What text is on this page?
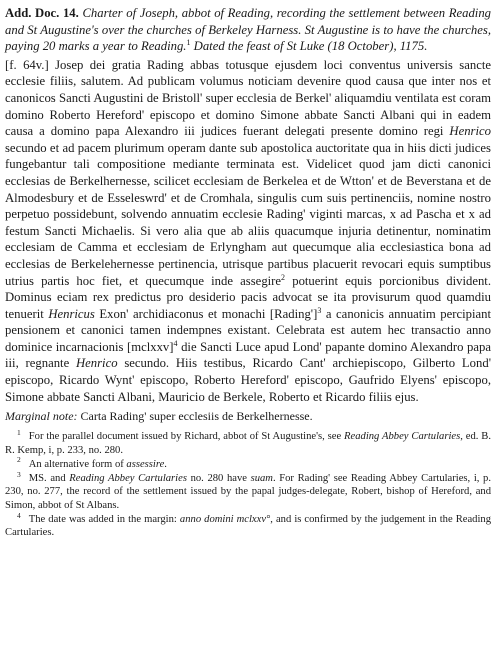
Add. Doc. 14. Charter of Joseph, abbot of Reading, recording the settlement between Reading and St Augustine's over the churches of Berkeley Harness. St Augustine is to have the churches, paying 20 marks a year to Reading.$^1$ Dated the feast of St Luke (18 October), 1175.

[f. 64v.] Josep dei gratia Rading abbas totusque ejusdem loci conventus universis sancte ecclesie filiis, salutem. Ad publicam volumus noticiam devenire quod causa que inter nos et canonicos Sancti Augustini de Bristoll' super ecclesia de Berkel' aliquamdiu ventilata est coram domino Roberto Hereford' episcopo et domino Simone abbate Sancti Albani qui in eadem causa a domino papa Alexandro iii judices fuerant delegati presente domino regi Henrico secundo et ad pacem plurimum operam dante sub apostolica auctoritate qua in hiis dicti judices fungebantur tali compositione mediante terminata est. Videlicet quod jam dicti canonici ecclesias de Berkelhernesse, scilicet ecclesiam de Berkelea et de Wtton' et de Beverstana et de Almodesbury et de Esseleswrd' et de Cromhala, singulis cum suis pertinenciis, nomine nostro perpetuo possidebunt, solvendo annuatim ecclesie Rading' viginti marcas, x ad Pascha et x ad festum Sancti Michaelis. Si vero alia que ab aliis quacumque injuria detinentur, nominatim ecclesiam de Camma et ecclesiam de Erlyngham aut quecumque alia ecclesiastica bona ad ecclesias de Berkelehernesse pertinencia, utrisque partibus placuerit revocari equis sumptibus utrius partis hoc fiet, et quecumque inde assegire$^2$ potuerint equis porcionibus divident. Dominus eciam rex predictus pro desiderio pacis advocat se ita provisurum quod quamdiu tenuerit Henricus Exon' archidiaconus et monachi [Rading']$^3$ a canonicis annuatim percipiant pensionem et canonici tamen indempnes existant. Celebrata est autem hec transactio anno dominice incarnacionis [mclxxv]$^4$ die Sancti Luce apud Lond' papante domino Alexandro papa iii, regnante Henrico secundo. Hiis testibus, Ricardo Cant' archiepiscopo, Gilberto Lond' episcopo, Ricardo Wynt' episcopo, Roberto Hereford' episcopo, Gaufrido Elyens' episcopo, Simone abbate Sancti Albani, Mauricio de Berkele, Roberto et Ricardo filiis ejus.

Marginal note: Carta Rading' super ecclesiis de Berkelhernesse.

$^1$ For the parallel document issued by Richard, abbot of St Augustine's, see Reading Abbey Cartularies, ed. B. R. Kemp, i, p. 233, no. 280.

$^2$ An alternative form of assessire.

$^3$ MS. and Reading Abbey Cartularies no. 280 have suam. For Rading' see Reading Abbey Cartularies, i, p. 230, no. 277, the record of the settlement issued by the papal judges-delegate, Robert, bishop of Hereford, and Simon, abbot of St Albans.

$^4$ The date was added in the margin: anno domini mclxxv°, and is confirmed by the judgement in the Reading Cartularies.
